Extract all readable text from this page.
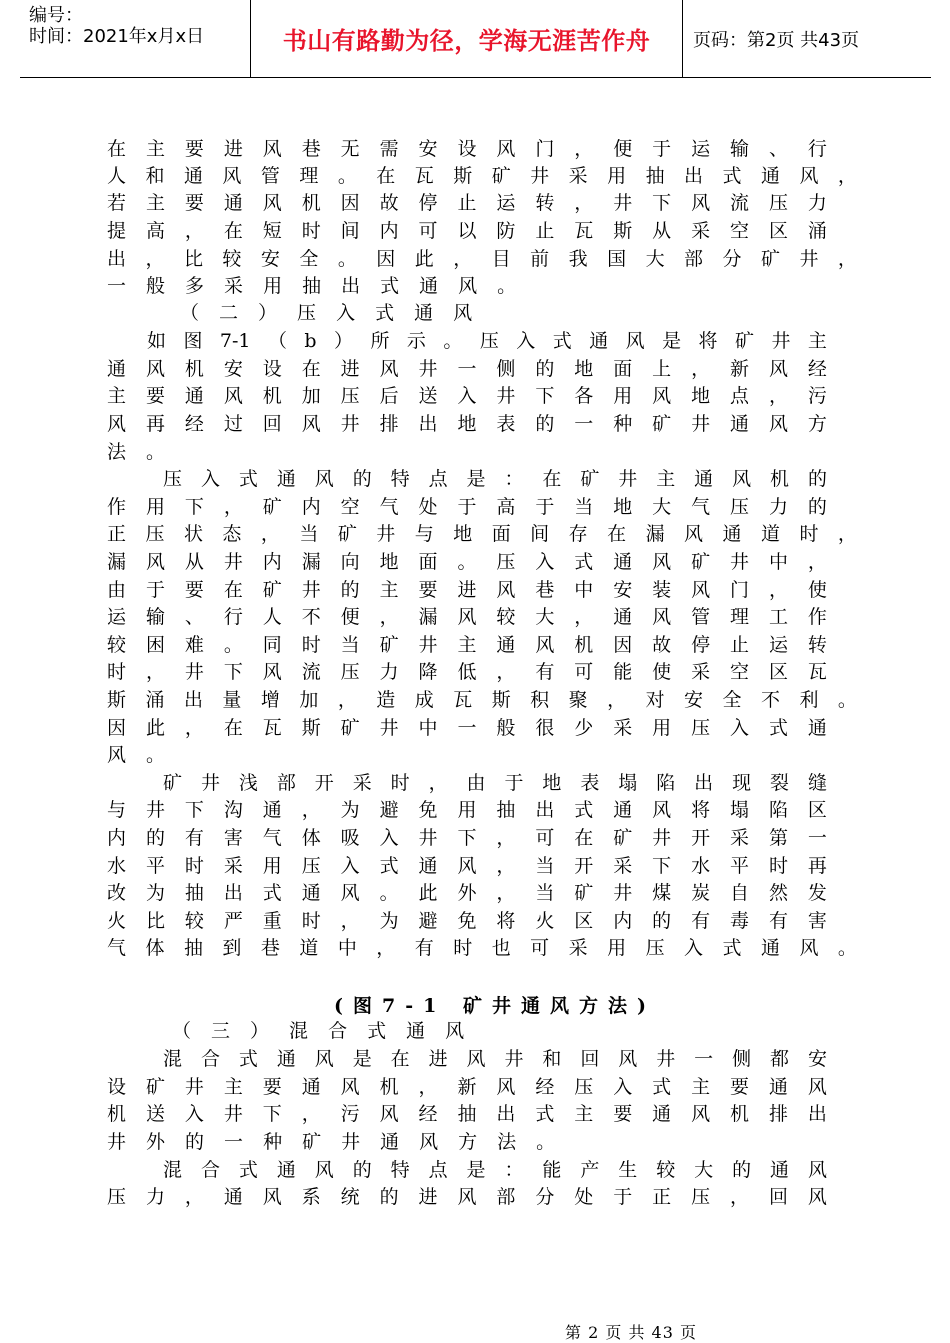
编号：
时间：2021年x月x日	书山有路勤为径，学海无涯苦作舟	页码：第2页 共43页
在 主 要 进 风 巷 无 需 安 设 风 门 ， 便 于 运 输 、 行
人 和 通 风 管 理 。 在 瓦 斯 矿 井 采 用 抽 出 式 通 风 ，
若 主 要 通 风 机 因 故 停 止 运 转 ， 井 下 风 流 压 力
提 高 ， 在 短 时 间 内 可 以 防 止 瓦 斯 从 采 空 区 涌
出 ， 比 较 安 全 。 因 此 ， 目 前 我 国 大 部 分 矿 井 ，
一 般 多 采 用 抽 出 式 通 风 。
（ 二 ） 压 入 式 通 风
如 图 7-1 （ b ） 所 示 。 压 入 式 通 风 是 将 矿 井 主
通 风 机 安 设 在 进 风 井 一 侧 的 地 面 上 ， 新 风 经
主 要 通 风 机 加 压 后 送 入 井 下 各 用 风 地 点 ， 污
风 再 经 过 回 风 井 排 出 地 表 的 一 种 矿 井 通 风 方
法 。
压 入 式 通 风 的 特 点 是 ： 在 矿 井 主 通 风 机 的
作 用 下 ， 矿 内 空 气 处 于 高 于 当 地 大 气 压 力 的
正 压 状 态 ， 当 矿 井 与 地 面 间 存 在 漏 风 通 道 时 ，
漏 风 从 井 内 漏 向 地 面 。 压 入 式 通 风 矿 井 中 ，
由 于 要 在 矿 井 的 主 要 进 风 巷 中 安 装 风 门 ， 使
运 输 、 行 人 不 便 ， 漏 风 较 大 ， 通 风 管 理 工 作
较 困 难 。 同 时 当 矿 井 主 通 风 机 因 故 停 止 运 转
时 ， 井 下 风 流 压 力 降 低 ， 有 可 能 使 采 空 区 瓦
斯 涌 出 量 增 加 ， 造 成 瓦 斯 积 聚 ， 对 安 全 不 利 。
因 此 ， 在 瓦 斯 矿 井 中 一 般 很 少 采 用 压 入 式 通
风 。
矿 井 浅 部 开 采 时 ， 由 于 地 表 塌 陷 出 现 裂 缝
与 井 下 沟 通 ， 为 避 免 用 抽 出 式 通 风 将 塌 陷 区
内 的 有 害 气 体 吸 入 井 下 ， 可 在 矿 井 开 采 第 一
水 平 时 采 用 压 入 式 通 风 ， 当 开 采 下 水 平 时 再
改 为 抽 出 式 通 风 。 此 外 ， 当 矿 井 煤 炭 自 然 发
火 比 较 严 重 时 ， 为 避 免 将 火 区 内 的 有 毒 有 害
气 体 抽 到 巷 道 中 ， 有 时 也 可 采 用 压 入 式 通 风 。
（ 三 ） 混 合 式 通 风
混 合 式 通 风 是 在 进 风 井 和 回 风 井 一 侧 都 安
设 矿 井 主 要 通 风 机 ， 新 风 经 压 入 式 主 要 通 风
机 送 入 井 下 ， 污 风 经 抽 出 式 主 要 通 风 机 排 出
井 外 的 一 种 矿 井 通 风 方 法 。
混 合 式 通 风 的 特 点 是 ： 能 产 生 较 大 的 通 风
压 力 ， 通 风 系 统 的 进 风 部 分 处 于 正 压 ， 回 风
(图7-1 矿井通风方法)
第 2 页 共 43 页
